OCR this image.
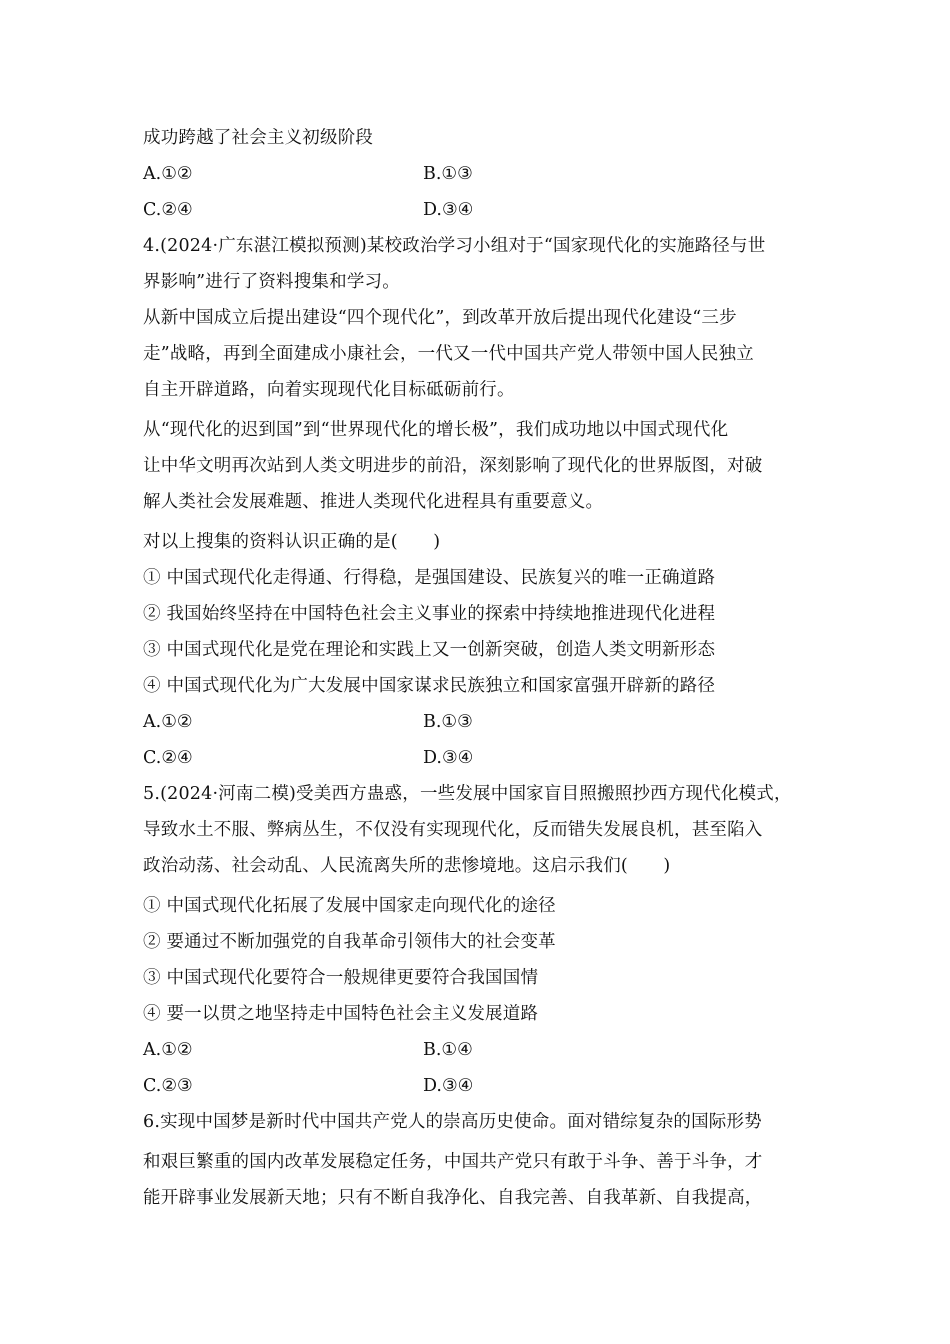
成功跨越了社会主义初级阶段
A.①②	B.①③
C.②④	D.③④
4.(2024·广东湛江模拟预测)某校政治学习小组对于“国家现代化的实施路径与世
界影响”进行了资料搜集和学习。
从新中国成立后提出建设“四个现代化”，到改革开放后提出现代化建设“三步
走”战略，再到全面建成小康社会，一代又一代中国共产党人带领中国人民独立
自主开辟道路，向着实现现代化目标砥砺前行。
从“现代化的迟到国”到“世界现代化的增长极”，我们成功地以中国式现代化
让中华文明再次站到人类文明进步的前沿，深刻影响了现代化的世界版图，对破
解人类社会发展难题、推进人类现代化进程具有重要意义。
对以上搜集的资料认识正确的是(　　)
① 中国式现代化走得通、行得稳，是强国建设、民族复兴的唯一正确道路
② 我国始终坚持在中国特色社会主义事业的探索中持续地推进现代化进程
③ 中国式现代化是党在理论和实践上又一创新突破，创造人类文明新形态
④ 中国式现代化为广大发展中国家谋求民族独立和国家富强开辟新的路径
A.①②	B.①③
C.②④	D.③④
5.(2024·河南二模)受美西方蛊惑，一些发展中国家盲目照搬照抄西方现代化模式，
导致水土不服、弊病丛生，不仅没有实现现代化，反而错失发展良机，甚至陷入
政治动荡、社会动乱、人民流离失所的悲惨境地。这启示我们(　　)
① 中国式现代化拓展了发展中国家走向现代化的途径
② 要通过不断加强党的自我革命引领伟大的社会变革
③ 中国式现代化要符合一般规律更要符合我国国情
④ 要一以贯之地坚持走中国特色社会主义发展道路
A.①②	B.①④
C.②③	D.③④
6.实现中国梦是新时代中国共产党人的崇高历史使命。面对错综复杂的国际形势
和艰巨繁重的国内改革发展稳定任务，中国共产党只有敢于斗争、善于斗争，才
能开辟事业发展新天地；只有不断自我净化、自我完善、自我革新、自我提高，
